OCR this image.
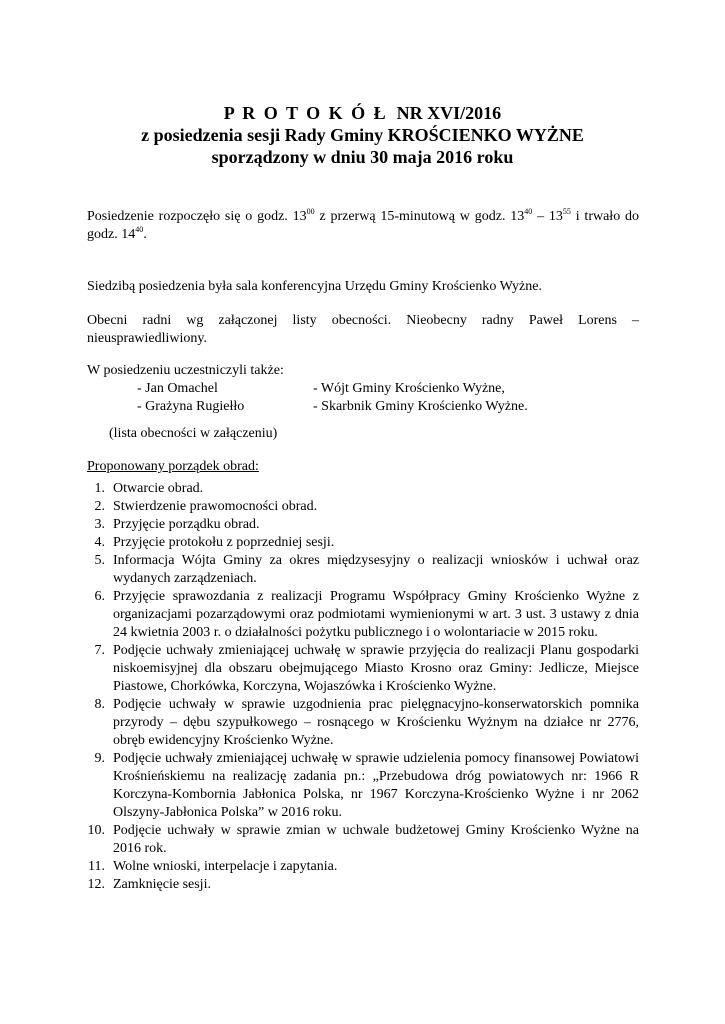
P R O T O K Ó Ł  NR XVI/2016
z posiedzenia sesji Rady Gminy KROŚCIENKO WYŻNE
sporządzony w dniu 30 maja 2016 roku
Posiedzenie rozpoczęło się o godz. $13^{00}$ z przerwą 15-minutową w godz. $13^{40} - 13^{55}$ i trwało do godz. $14^{40}$.
Siedzibą posiedzenia była sala konferencyjna Urzędu Gminy Krościenko Wyżne.
Obecni radni wg załączonej listy obecności. Nieobecny radny Paweł Lorens – nieusprawiedliwiony.
W posiedzeniu uczestniczyli także:
- Jan Omachel	- Wójt Gminy Krościenko Wyżne,
- Grażyna Rugiełło	- Skarbnik Gminy Krościenko Wyżne.
(lista obecności w załączeniu)
Proponowany porządek obrad:
1. Otwarcie obrad.
2. Stwierdzenie prawomocności obrad.
3. Przyjęcie porządku obrad.
4. Przyjęcie protokołu z poprzedniej sesji.
5. Informacja Wójta Gminy za okres międzysesyjny o realizacji wniosków i uchwał oraz wydanych zarządzeniach.
6. Przyjęcie sprawozdania z realizacji Programu Współpracy Gminy Krościenko Wyżne z organizacjami pozarządowymi oraz podmiotami wymienionymi w art. 3 ust. 3 ustawy z dnia 24 kwietnia 2003 r. o działalności pożytku publicznego i o wolontariacie w 2015 roku.
7. Podjęcie uchwały zmieniającej uchwałę w sprawie przyjęcia do realizacji Planu gospodarki niskoemisyjnej dla obszaru obejmującego Miasto Krosno oraz Gminy: Jedlicze, Miejsce Piastowe, Chorkówka, Korczyna, Wojaszówka i Krościenko Wyżne.
8. Podjęcie uchwały w sprawie uzgodnienia prac pielęgnacyjno-konserwatorskich pomnika przyrody – dębu szypułkowego – rosnącego w Krościenku Wyżnym na działce nr 2776, obręb ewidencyjny Krościenko Wyżne.
9. Podjęcie uchwały zmieniającej uchwałę w sprawie udzielenia pomocy finansowej Powiatowi Krośnieńskiemu na realizację zadania pn.: „Przebudowa dróg powiatowych nr: 1966 R Korczyna-Kombornia Jabłonica Polska, nr 1967 Korczyna-Krościenko Wyżne i nr 2062 Olszyny-Jabłonica Polska” w 2016 roku.
10. Podjęcie uchwały w sprawie zmian w uchwale budżetowej Gminy Krościenko Wyżne na 2016 rok.
11. Wolne wnioski, interpelacje i zapytania.
12. Zamknięcie sesji.
